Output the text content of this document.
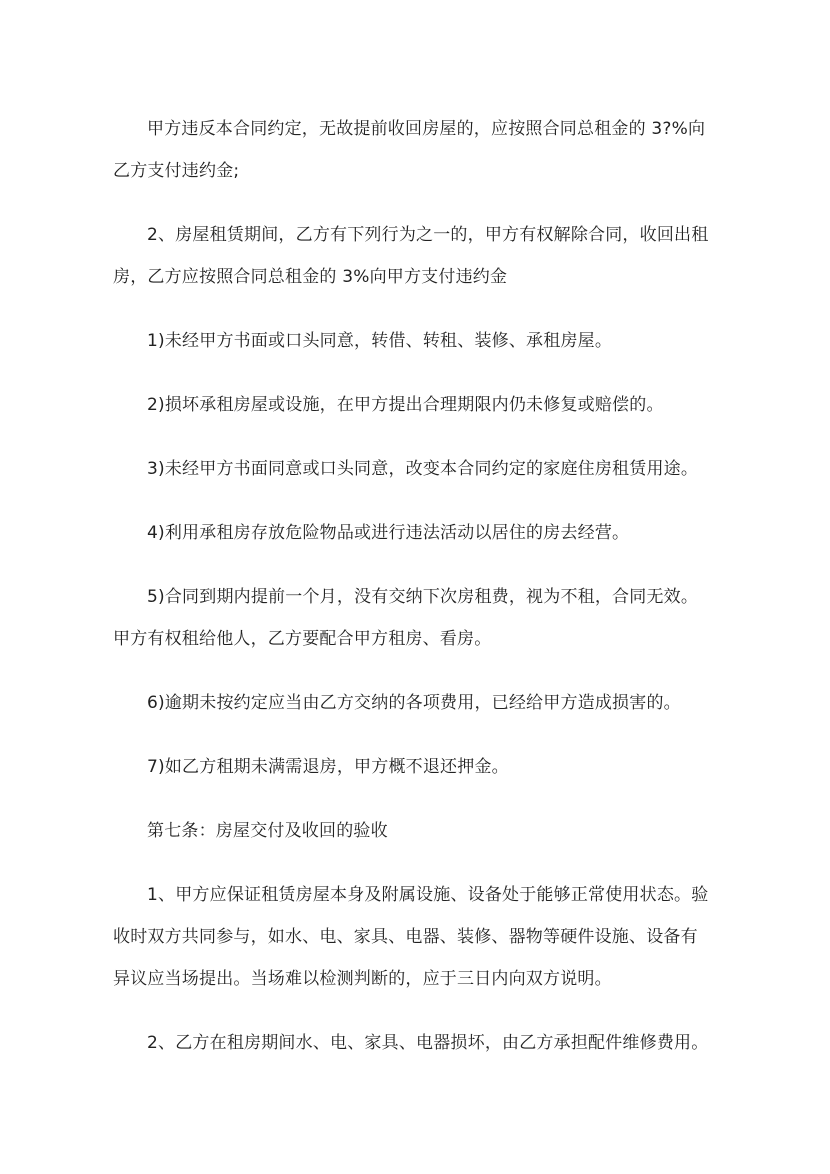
甲方违反本合同约定，无故提前收回房屋的，应按照合同总租金的 3?%向
乙方支付违约金;
2、房屋租赁期间，乙方有下列行为之一的，甲方有权解除合同，收回出租
房，乙方应按照合同总租金的 3%向甲方支付违约金
1)未经甲方书面或口头同意，转借、转租、装修、承租房屋。
2)损坏承租房屋或设施，在甲方提出合理期限内仍未修复或赔偿的。
3)未经甲方书面同意或口头同意，改变本合同约定的家庭住房租赁用途。
4)利用承租房存放危险物品或进行违法活动以居住的房去经营。
5)合同到期内提前一个月，没有交纳下次房租费，视为不租，合同无效。
甲方有权租给他人，乙方要配合甲方租房、看房。
6)逾期未按约定应当由乙方交纳的各项费用，已经给甲方造成损害的。
7)如乙方租期未满需退房，甲方概不退还押金。
第七条：房屋交付及收回的验收
1、甲方应保证租赁房屋本身及附属设施、设备处于能够正常使用状态。验
收时双方共同参与，如水、电、家具、电器、装修、器物等硬件设施、设备有
异议应当场提出。当场难以检测判断的，应于三日内向双方说明。
2、乙方在租房期间水、电、家具、电器损坏，由乙方承担配件维修费用。
